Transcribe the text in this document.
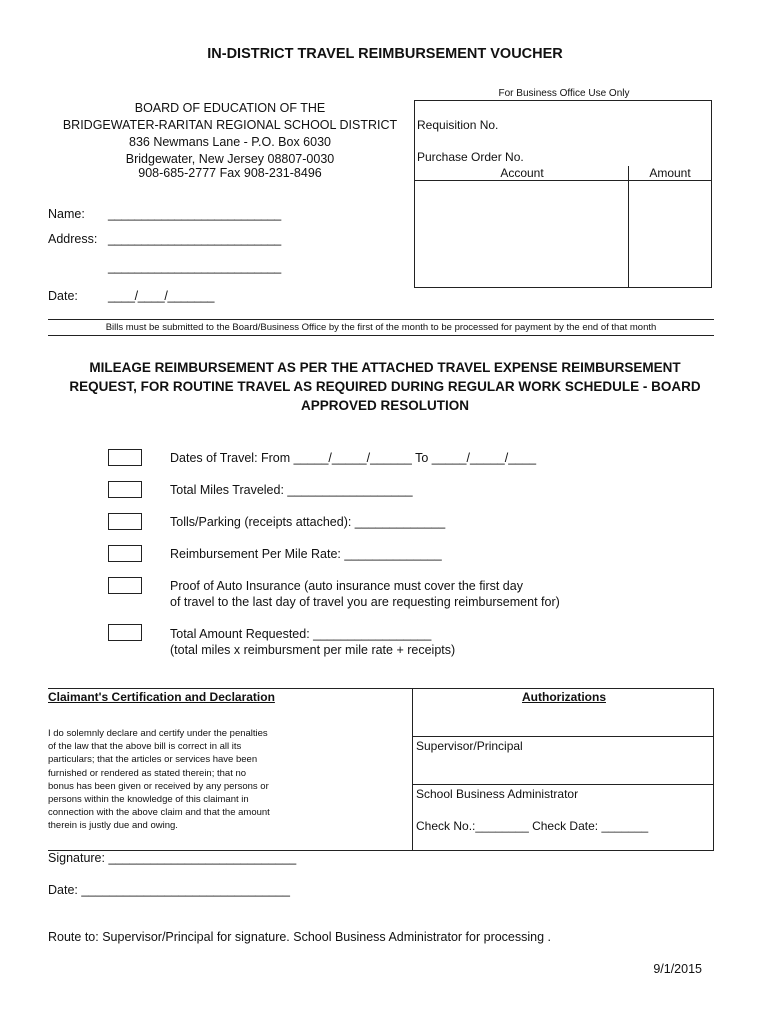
IN-DISTRICT TRAVEL REIMBURSEMENT VOUCHER
BOARD OF EDUCATION OF THE
BRIDGEWATER-RARITAN REGIONAL SCHOOL DISTRICT
836 Newmans Lane - P.O. Box 6030
Bridgewater, New Jersey 08807-0030
908-685-2777 Fax 908-231-8496
For Business Office Use Only
Requisition No.
Purchase Order No.
Account	Amount
Name: __________________________
Address: __________________________
__________________________
Date: ____/____/_______
Bills must be submitted to the Board/Business Office by the first of the month to be processed for payment by the end of that month
MILEAGE REIMBURSEMENT AS PER THE ATTACHED TRAVEL EXPENSE REIMBURSEMENT
REQUEST, FOR ROUTINE TRAVEL AS REQUIRED DURING REGULAR WORK SCHEDULE - BOARD
APPROVED RESOLUTION
Dates of Travel: From _____/_____/______ To _____/_____/____
Total Miles Traveled: __________________
Tolls/Parking (receipts attached): _____________
Reimbursement Per Mile Rate: ______________
Proof of Auto Insurance (auto insurance must cover the first day
of travel to the last day of travel you are requesting reimbursement for)
Total Amount Requested: _________________
(total miles x reimbursment per mile rate + receipts)
Claimant's Certification and Declaration	Authorizations
I do solemnly declare and certify under the penalties
of the law that the above bill is correct in all its
particulars; that the articles or services have been
furnished or rendered as stated therein; that no
bonus has been given or received by any persons or
persons within the knowledge of this claimant in
connection with the above claim and that the amount
therein is justly due and owing.
Supervisor/Principal
School Business Administrator
Check No.:________ Check Date: _______
Signature: ___________________________
Date: ______________________________
Route to: Supervisor/Principal for signature. School Business Administrator for processing .
9/1/2015
